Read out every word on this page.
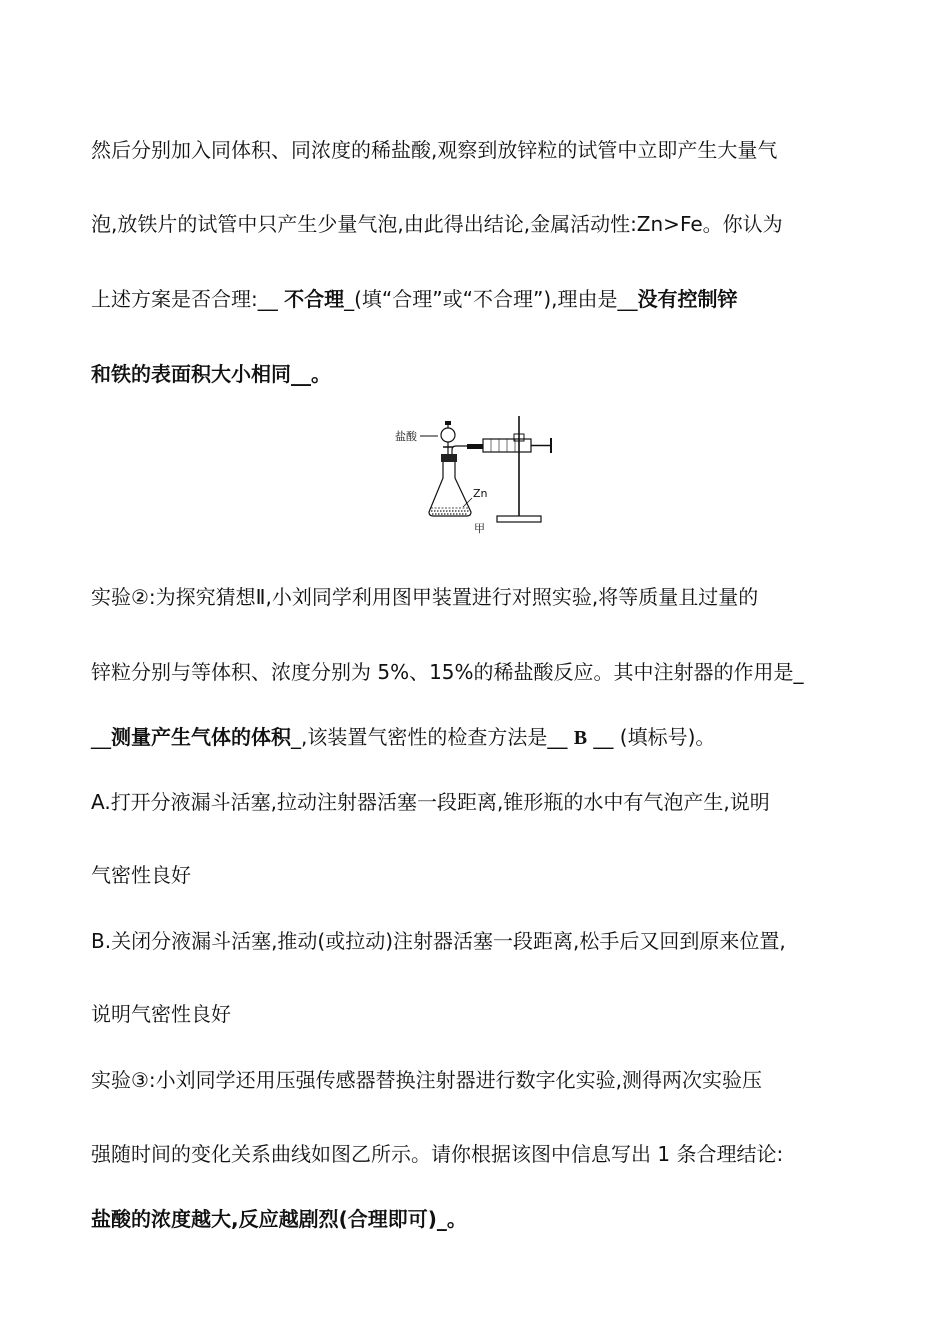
然后分别加入同体积、同浓度的稀盐酸,观察到放锌粒的试管中立即产生大量气
泡,放铁片的试管中只产生少量气泡,由此得出结论,金属活动性:Zn>Fe。你认为
上述方案是否合理:__ 不合理_(填“合理”或“不合理”),理由是__没有控制锌
和铁的表面积大小相同__。
盐酸
Zn
甲
实验②:为探究猜想Ⅱ,小刘同学利用图甲装置进行对照实验,将等质量且过量的
锌粒分别与等体积、浓度分别为 5%、15%的稀盐酸反应。其中注射器的作用是_
__测量产生气体的体积_,该装置气密性的检查方法是__ B __ (填标号)。
A.打开分液漏斗活塞,拉动注射器活塞一段距离,锥形瓶的水中有气泡产生,说明
气密性良好
B.关闭分液漏斗活塞,推动(或拉动)注射器活塞一段距离,松手后又回到原来位置,
说明气密性良好
实验③:小刘同学还用压强传感器替换注射器进行数字化实验,测得两次实验压
强随时间的变化关系曲线如图乙所示。请你根据该图中信息写出 1 条合理结论:
盐酸的浓度越大,反应越剧烈(合理即可)_。
